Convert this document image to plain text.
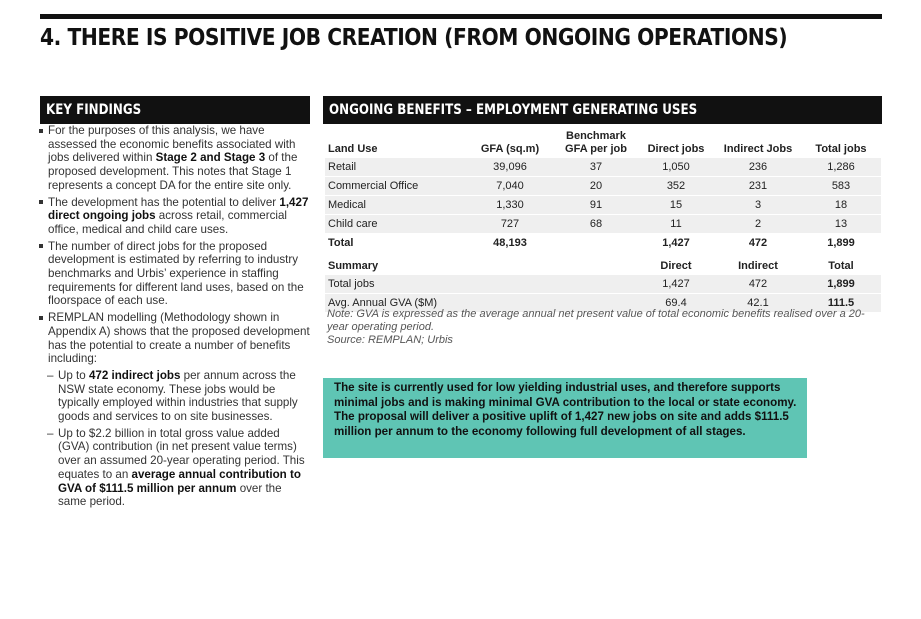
4. THERE IS POSITIVE JOB CREATION (FROM ONGOING OPERATIONS)
KEY FINDINGS	ONGOING BENEFITS – EMPLOYMENT GENERATING USES

For the purposes of this analysis, we have assessed the economic benefits associated with jobs delivered within Stage 2 and Stage 3 of the proposed development. This notes that Stage 1 represents a concept DA for the entire site only.

The development has the potential to deliver 1,427 direct ongoing jobs across retail, commercial office, medical and child care uses.

The number of direct jobs for the proposed development is estimated by referring to industry benchmarks and Urbis’ experience in staffing requirements for different land uses, based on the floorspace of each use.

REMPLAN modelling (Methodology shown in Appendix A) shows that the proposed development has the potential to create a number of benefits including:

– Up to 472 indirect jobs per annum across the NSW state economy. These jobs would be typically employed within industries that supply goods and services to on site businesses.

– Up to $2.2 billion in total gross value added (GVA) contribution (in net present value terms) over an assumed 20-year operating period. This equates to an average annual contribution to GVA of $111.5 million per annum over the same period.

Land Use	GFA (sq.m)	Benchmark
GFA per job	Direct jobs	Indirect Jobs	Total jobs
Retail	39,096	37	1,050	236	1,286
Commercial Office	7,040	20	352	231	583
Medical	1,330	91	15	3	18
Child care	727	68	11	2	13
Total	48,193		1,427	472	1,899
Summary			Direct	Indirect	Total
Total jobs			1,427	472	1,899
Avg. Annual GVA ($M)			69.4	42.1	111.5

Note: GVA is expressed as the average annual net present value of total economic benefits realised over a 20-year operating period.

Source: REMPLAN; Urbis

The site is currently used for low yielding industrial uses, and therefore supports minimal jobs and is making minimal GVA contribution to the local or state economy. The proposal will deliver a positive uplift of 1,427 new jobs on site and adds $111.5 million per annum to the economy following full development of all stages.
